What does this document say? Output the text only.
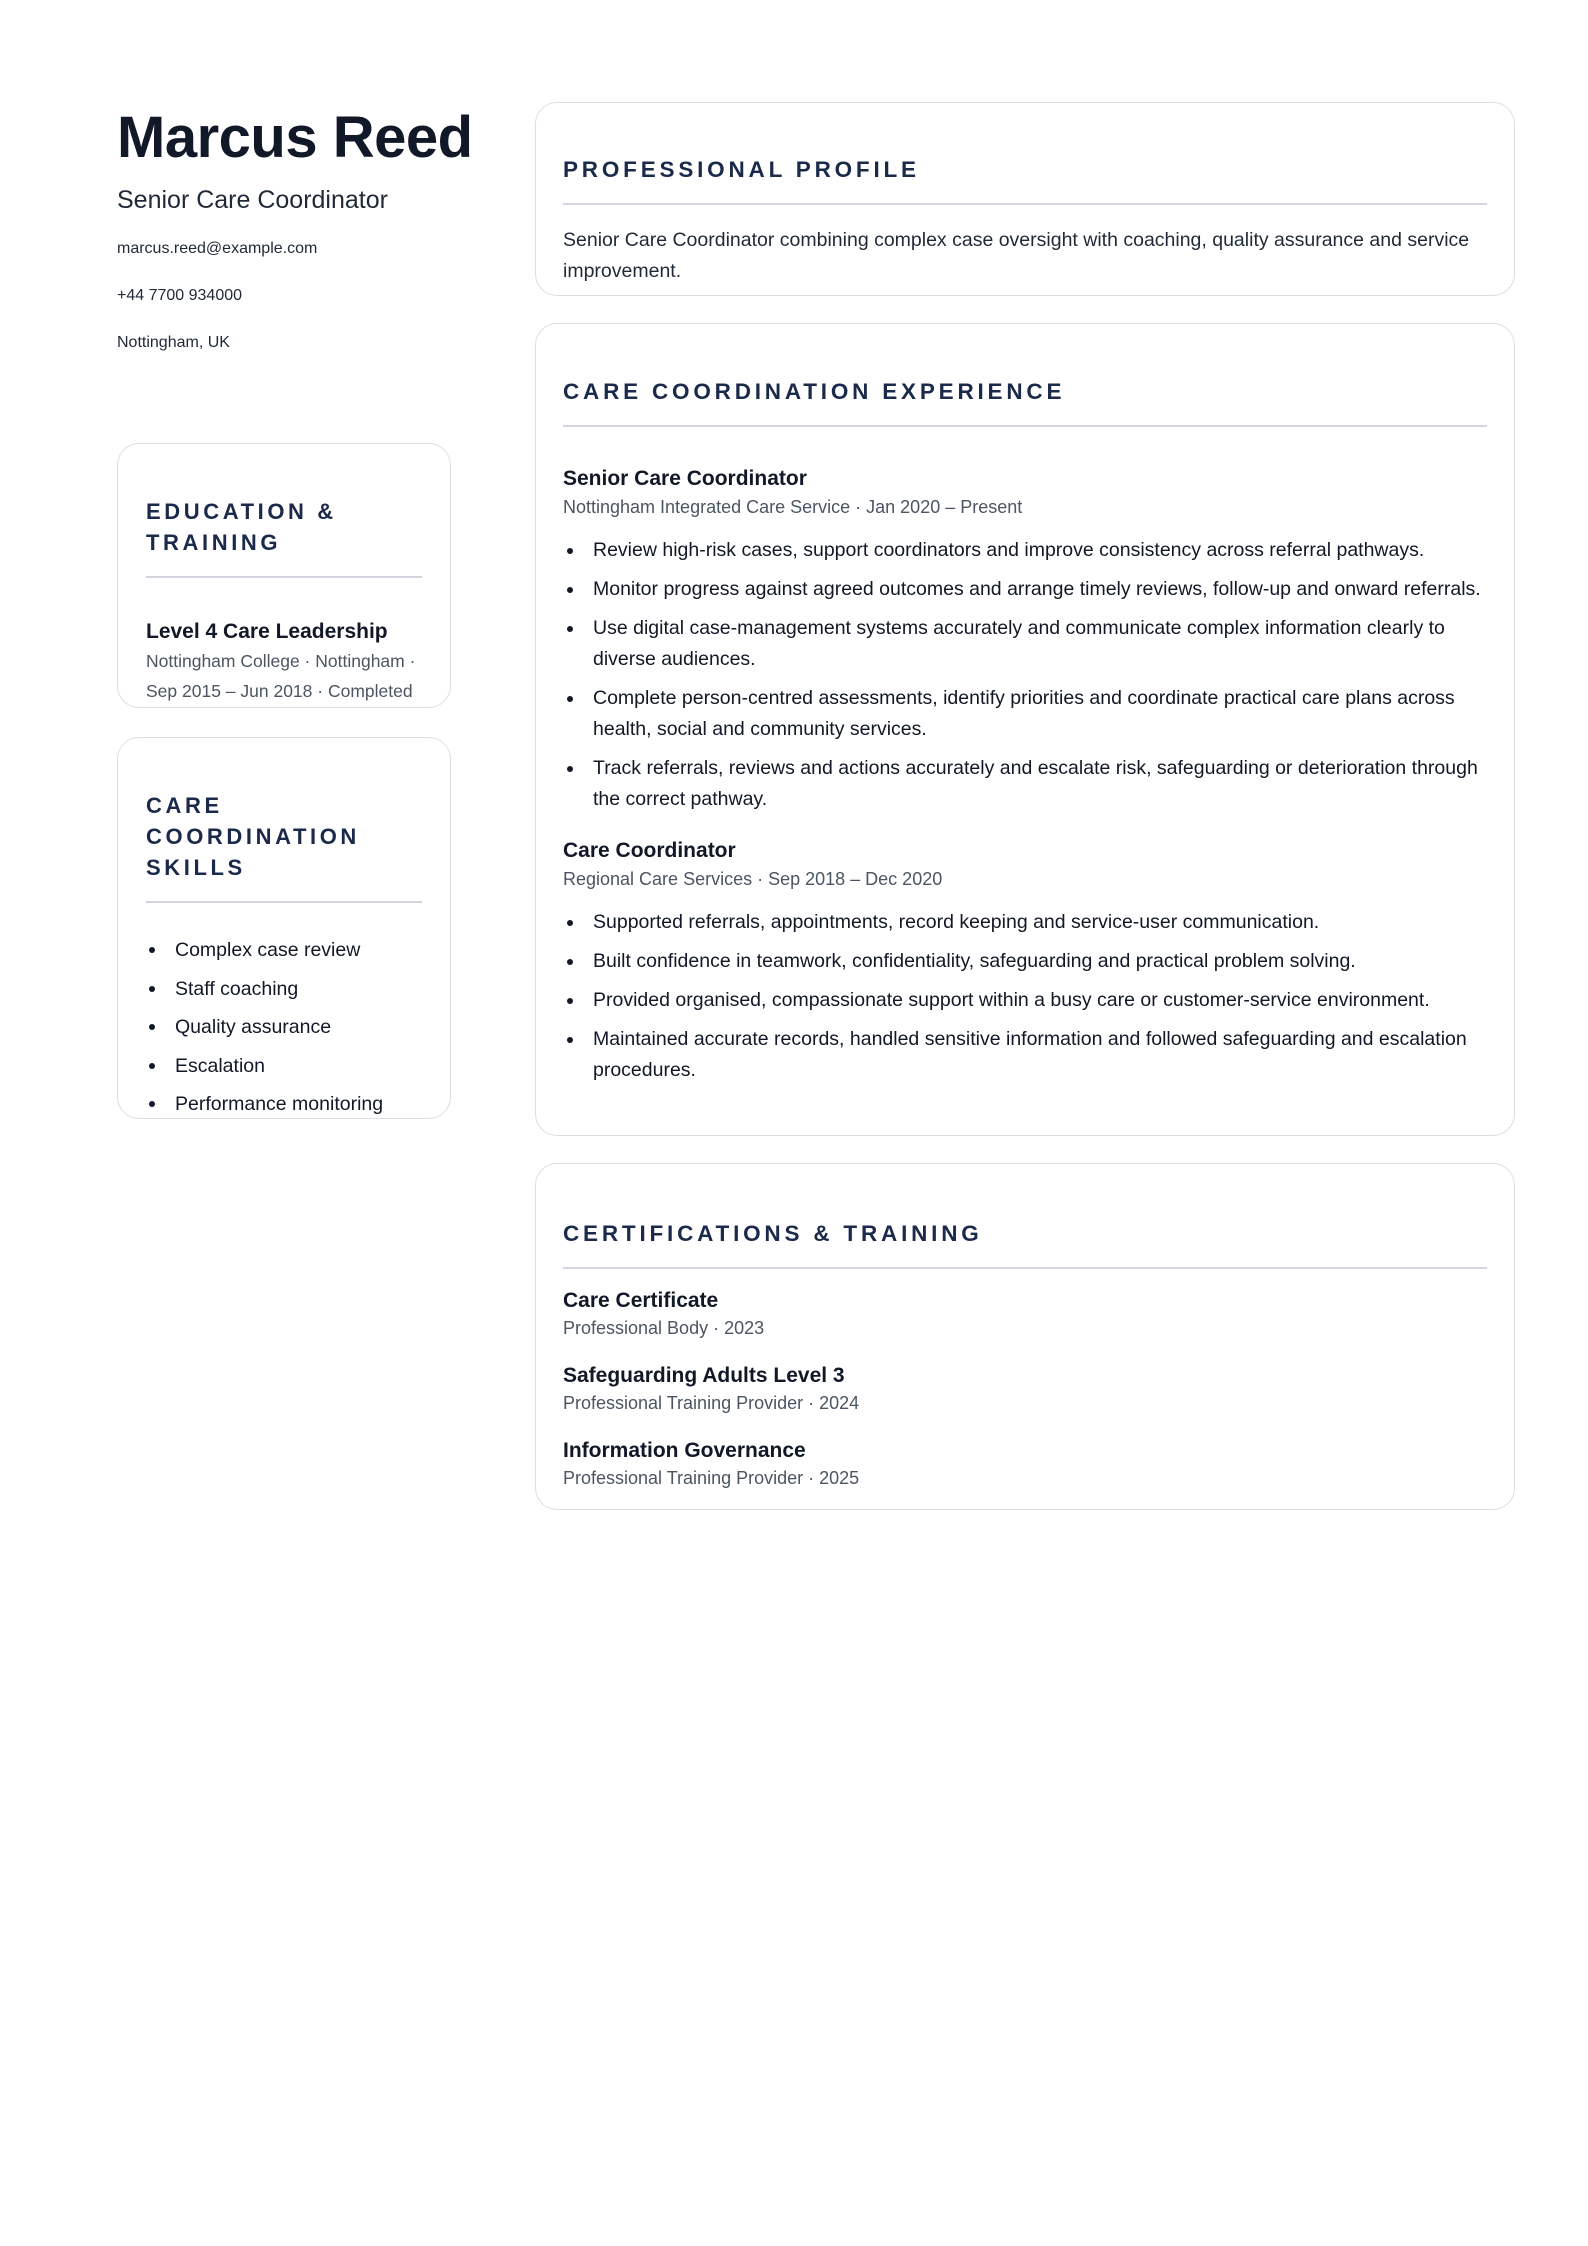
Marcus Reed
Senior Care Coordinator
marcus.reed@example.com
+44 7700 934000
Nottingham, UK
EDUCATION & TRAINING
Level 4 Care Leadership
Nottingham College · Nottingham · Sep 2015 – Jun 2018 · Completed
CARE COORDINATION SKILLS
Complex case review
Staff coaching
Quality assurance
Escalation
Performance monitoring
PROFESSIONAL PROFILE

Senior Care Coordinator combining complex case oversight with coaching, quality assurance and service improvement.

CARE COORDINATION EXPERIENCE
Senior Care Coordinator
Nottingham Integrated Care Service · Jan 2020 – Present
Review high-risk cases, support coordinators and improve consistency across referral pathways.
Monitor progress against agreed outcomes and arrange timely reviews, follow-up and onward referrals.
Use digital case-management systems accurately and communicate complex information clearly to diverse audiences.
Complete person-centred assessments, identify priorities and coordinate practical care plans across health, social and community services.
Track referrals, reviews and actions accurately and escalate risk, safeguarding or deterioration through the correct pathway.
Care Coordinator
Regional Care Services · Sep 2018 – Dec 2020
Supported referrals, appointments, record keeping and service-user communication.
Built confidence in teamwork, confidentiality, safeguarding and practical problem solving.
Provided organised, compassionate support within a busy care or customer-service environment.
Maintained accurate records, handled sensitive information and followed safeguarding and escalation procedures.
CERTIFICATIONS & TRAINING
Care Certificate
Professional Body · 2023
Safeguarding Adults Level 3
Professional Training Provider · 2024
Information Governance
Professional Training Provider · 2025
